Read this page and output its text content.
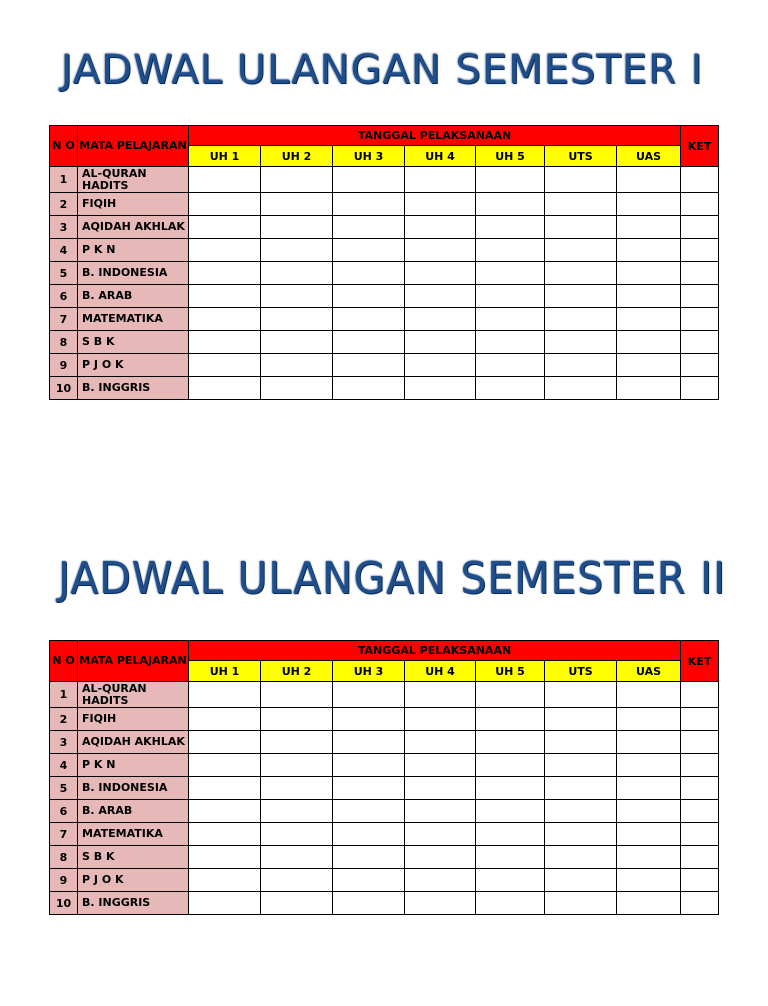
JADWAL ULANGAN SEMESTER I
N O	MATA PELAJARAN	TANGGAL PELAKSANAAN							KET
		UH 1	UH 2	UH 3	UH 4	UH 5	UTS	UAS	
1	AL-QURAN HADITS								
2	FIQIH								
3	AQIDAH AKHLAK								
4	P K N								
5	B. INDONESIA								
6	B. ARAB								
7	MATEMATIKA								
8	S B K								
9	P J O K								
10	B. INGGRIS								
JADWAL ULANGAN SEMESTER II
N O	MATA PELAJARAN	TANGGAL PELAKSANAAN							KET
		UH 1	UH 2	UH 3	UH 4	UH 5	UTS	UAS	
1	AL-QURAN HADITS								
2	FIQIH								
3	AQIDAH AKHLAK								
4	P K N								
5	B. INDONESIA								
6	B. ARAB								
7	MATEMATIKA								
8	S B K								
9	P J O K								
10	B. INGGRIS								
